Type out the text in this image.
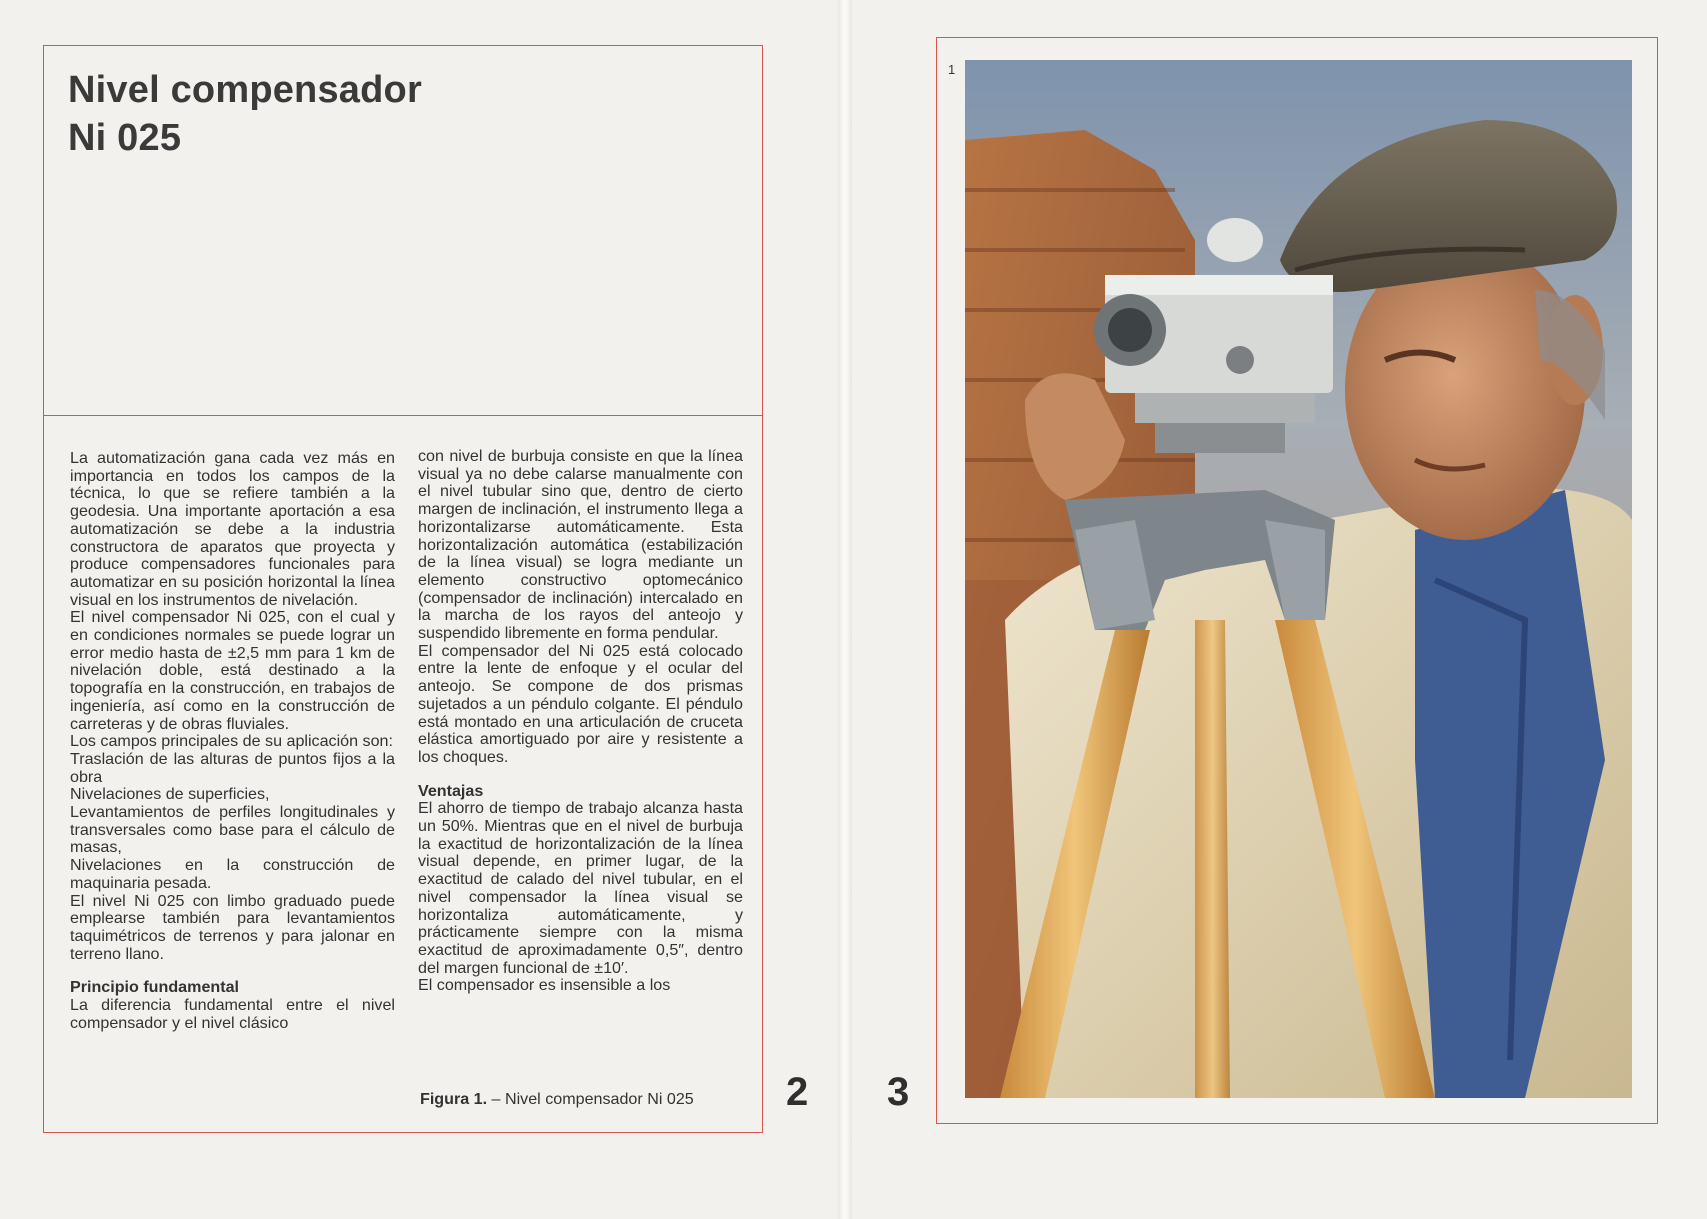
Nivel compensador
Ni 025

La automatización gana cada vez más en importancia en todos los campos de la técnica, lo que se refiere también a la geodesia. Una importante aportación a esa automatización se debe a la industria constructora de aparatos que proyecta y produce compensadores funcionales para automatizar en su posición horizontal la línea visual en los instrumentos de nivelación.

El nivel compensador Ni 025, con el cual y en condiciones normales se puede lograr un error medio hasta de ±2,5 mm para 1 km de nivelación doble, está destinado a la topografía en la construcción, en trabajos de ingeniería, así como en la construcción de carreteras y de obras fluviales.

Los campos principales de su aplicación son:

Traslación de las alturas de puntos fijos a la obra

Nivelaciones de superficies,

Levantamientos de perfiles longitudinales y transversales como base para el cálculo de masas,

Nivelaciones en la construcción de maquinaria pesada.

El nivel Ni 025 con limbo graduado puede emplearse también para levantamientos taquimétricos de terrenos y para jalonar en terreno llano.

Principio fundamental

La diferencia fundamental entre el nivel compensador y el nivel clásico

con nivel de burbuja consiste en que la línea visual ya no debe calarse manualmente con el nivel tubular sino que, dentro de cierto margen de inclinación, el instrumento llega a horizontalizarse automáticamente. Esta horizontalización automática (estabilización de la línea visual) se logra mediante un elemento constructivo optomecánico (compensador de inclinación) intercalado en la marcha de los rayos del anteojo y suspendido libremente en forma pendular.

El compensador del Ni 025 está colocado entre la lente de enfoque y el ocular del anteojo. Se compone de dos prismas sujetados a un péndulo colgante. El péndulo está montado en una articulación de cruceta elástica amortiguado por aire y resistente a los choques.

Ventajas

El ahorro de tiempo de trabajo alcanza hasta un 50%. Mientras que en el nivel de burbuja la exactitud de horizontalización de la línea visual depende, en primer lugar, de la exactitud de calado del nivel tubular, en el nivel compensador la línea visual se horizontaliza automáticamente, y prácticamente siempre con la misma exactitud de aproximadamente 0,5″, dentro del margen funcional de ±10′.

El compensador es insensible a los

Figura 1. – Nivel compensador Ni 025 2
1
3
